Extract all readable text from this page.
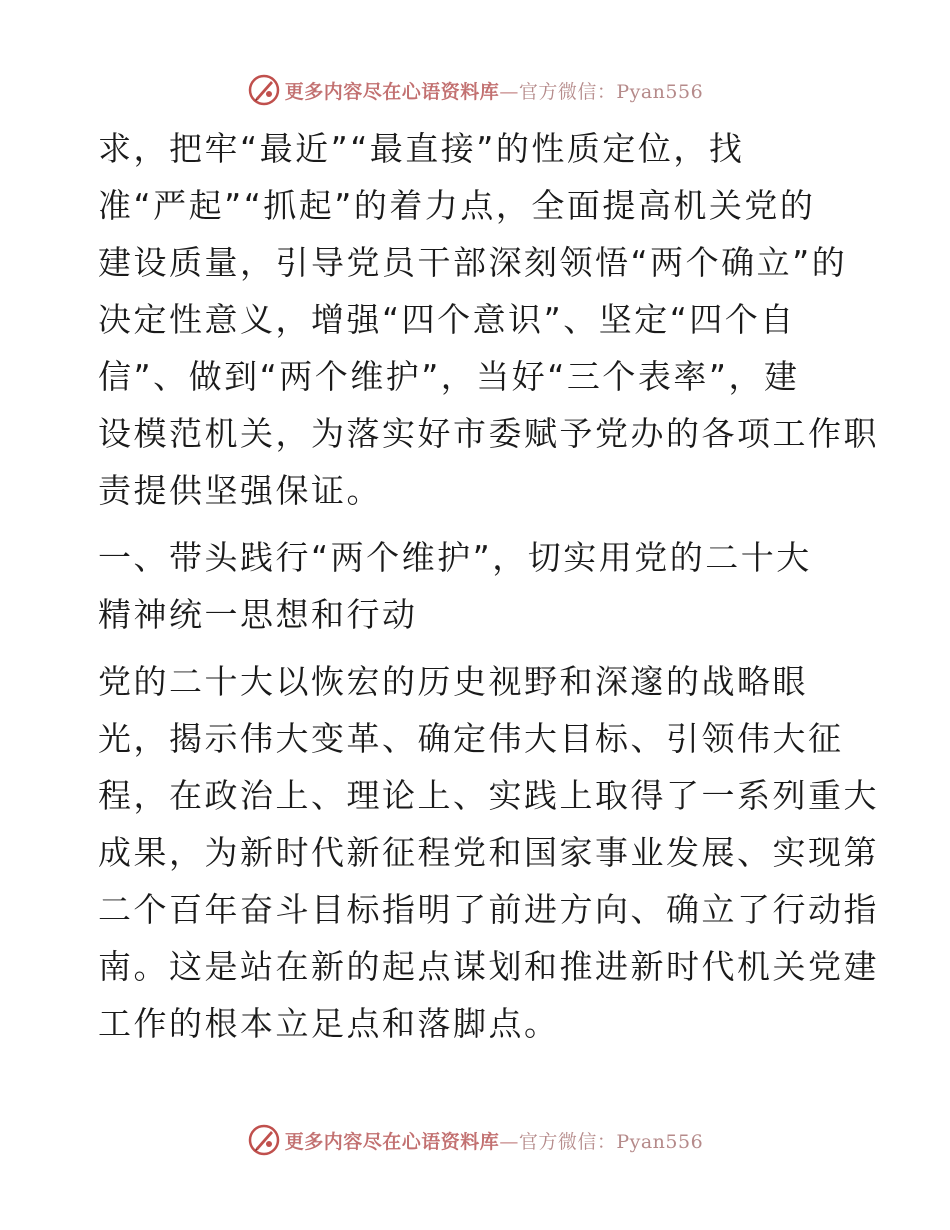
更多内容尽在心语资料库—官方微信：Pyan556

求，把牢“最近”“最直接”的性质定位，找
准“严起”“抓起”的着力点，全面提高机关党的
建设质量，引导党员干部深刻领悟“两个确立”的
决定性意义，增强“四个意识”、坚定“四个自
信”、做到“两个维护”，当好“三个表率”，建
设模范机关，为落实好市委赋予党办的各项工作职
责提供坚强保证。

一、带头践行“两个维护”，切实用党的二十大
精神统一思想和行动

党的二十大以恢宏的历史视野和深邃的战略眼
光，揭示伟大变革、确定伟大目标、引领伟大征
程，在政治上、理论上、实践上取得了一系列重大
成果，为新时代新征程党和国家事业发展、实现第
二个百年奋斗目标指明了前进方向、确立了行动指
南。这是站在新的起点谋划和推进新时代机关党建
工作的根本立足点和落脚点。

更多内容尽在心语资料库—官方微信：Pyan556
